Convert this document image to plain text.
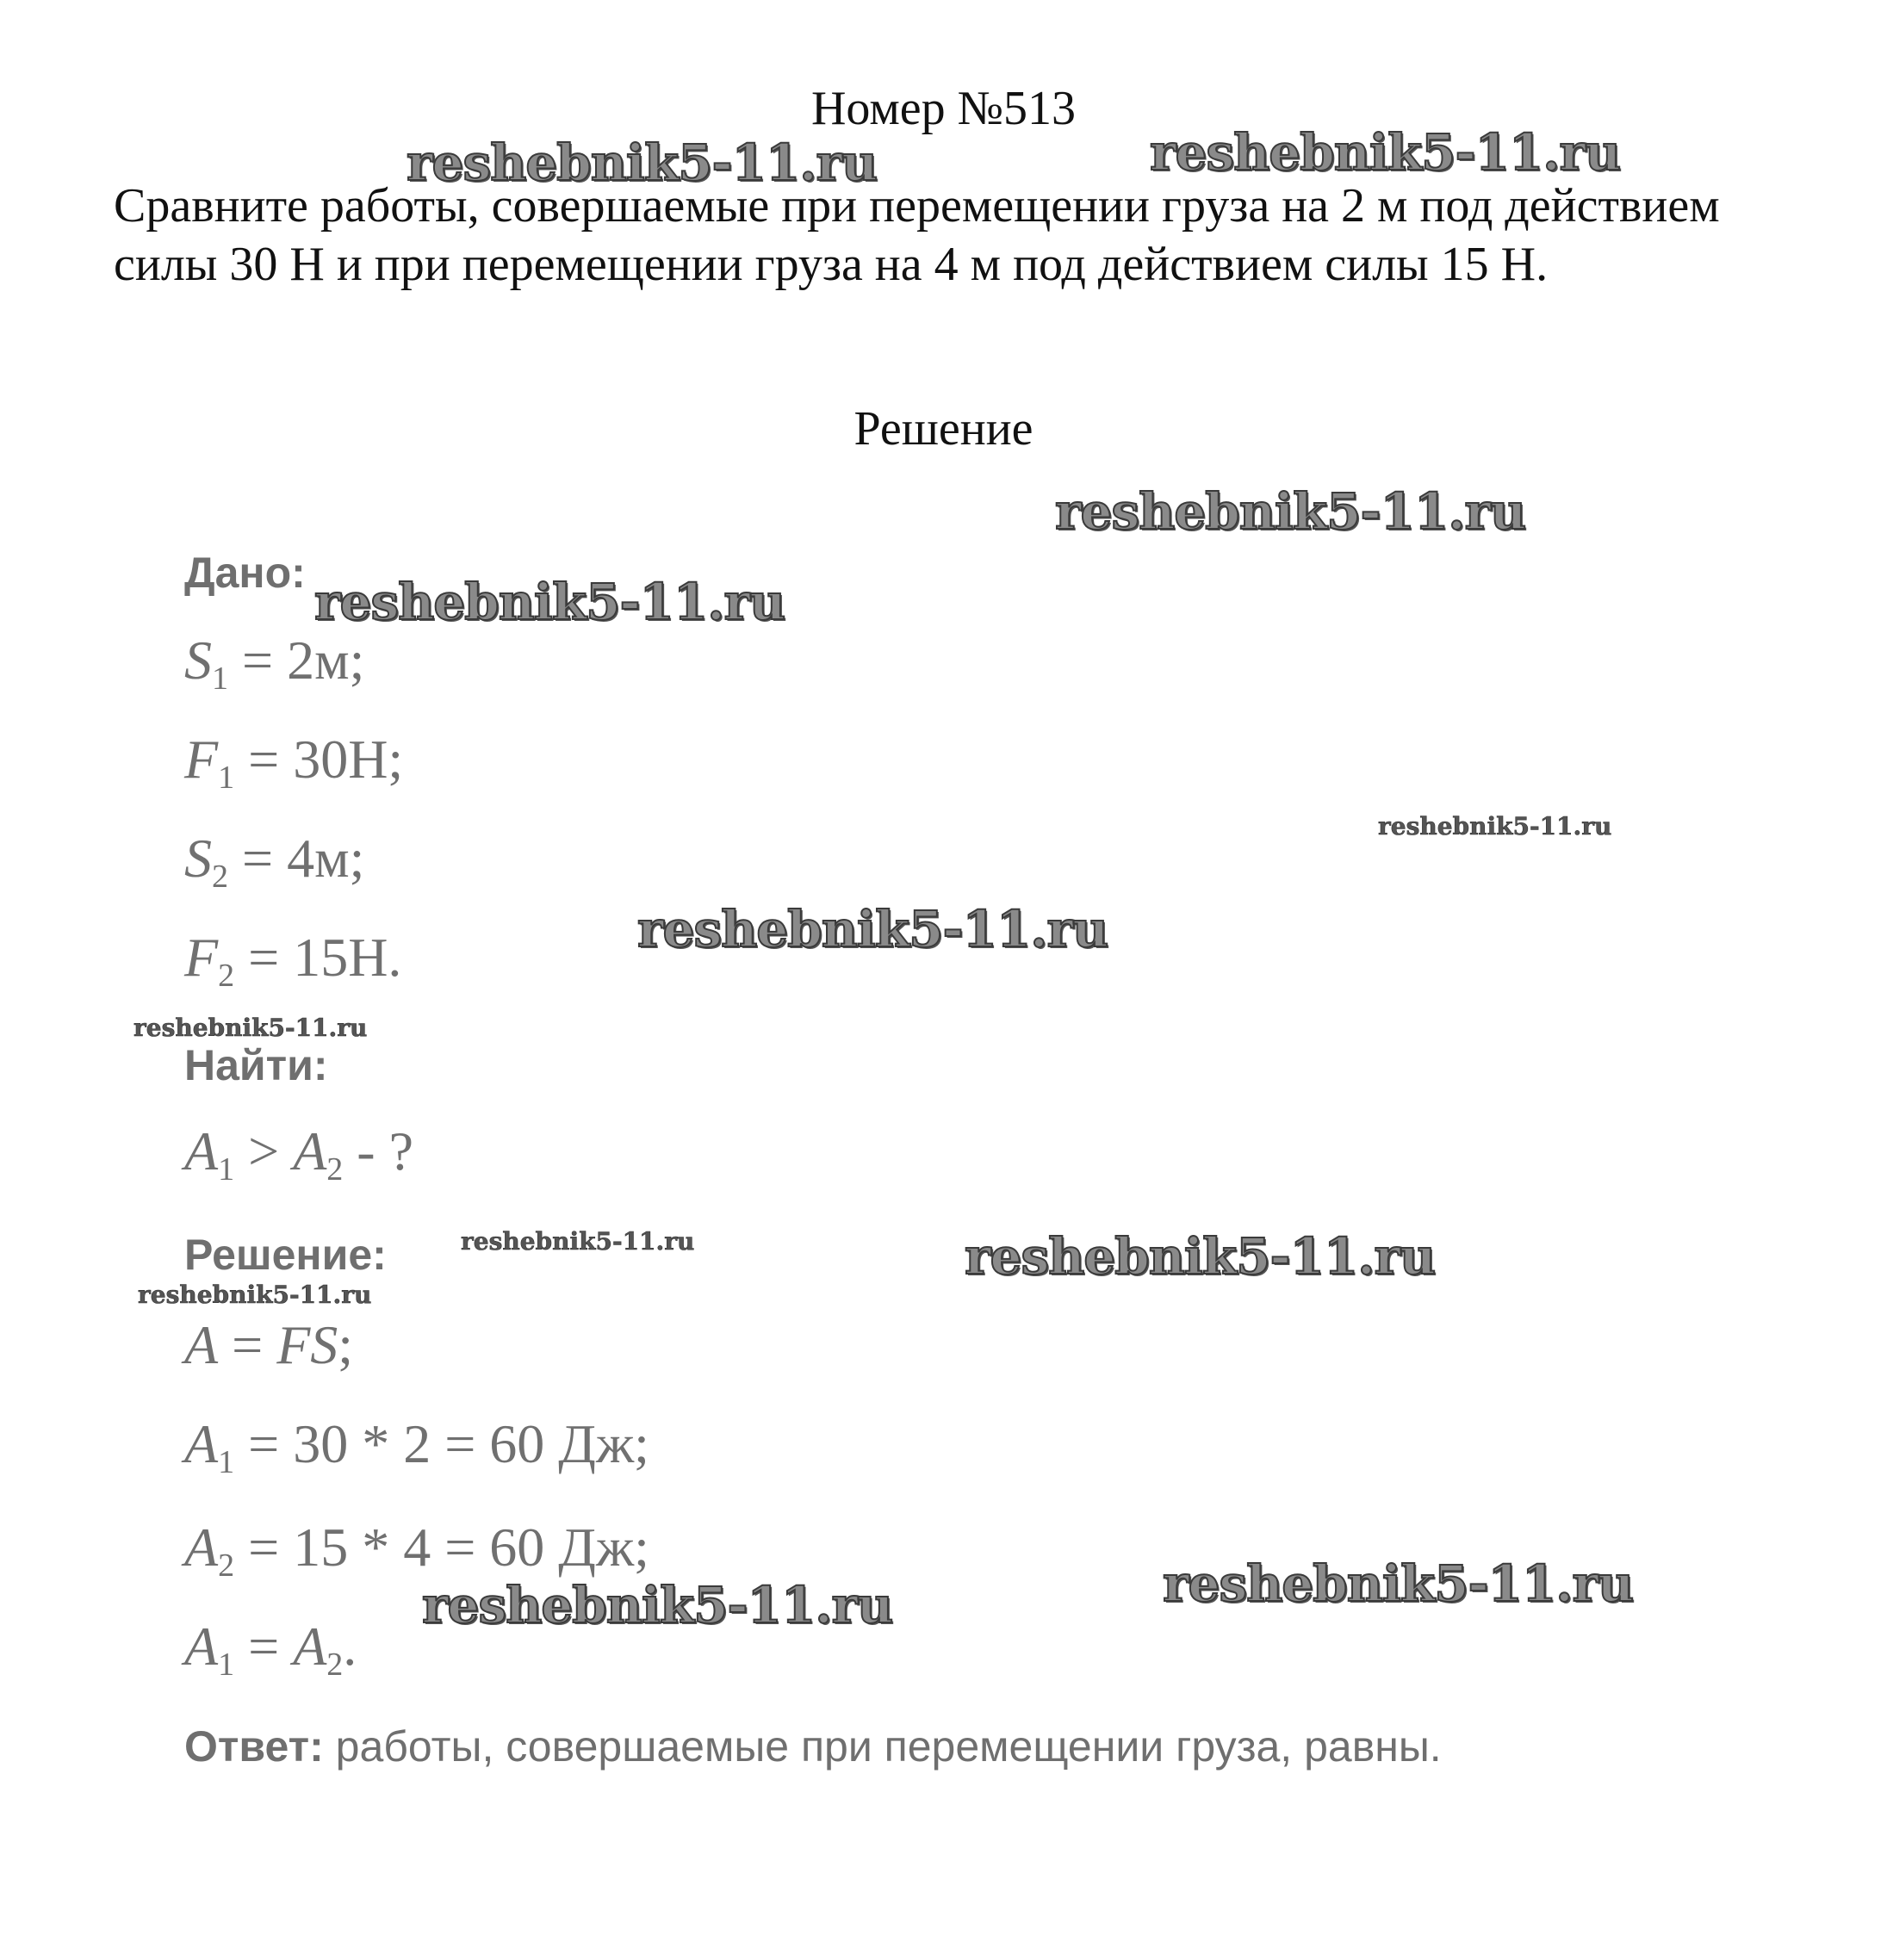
Номер №513
Сравните работы, совершаемые при перемещении груза на 2 м под действием силы 30 Н и при перемещении груза на 4 м под действием силы 15 Н.
Решение
Дано:
$S_1 = 2м$;
$F_1 = 30Н$;
$S_2 = 4м$;
$F_2 = 15Н$.
Найти:
$A_1 > A_2$ - ?
Решение:
A = FS;
$A_1 = 30 * 2 = 60$ Дж;
$A_2 = 15 * 4 = 60$ Дж;
$A_1 = A_2$.
Ответ: работы, совершаемые при перемещении груза, равны.
reshebnik5-11.ru	reshebnik5-11.ru
reshebnik5-11.ru
reshebnik5-11.ru
reshebnik5-11.ru
reshebnik5-11.ru
reshebnik5-11.ru
reshebnik5-11.ru	reshebnik5-11.ru
reshebnik5-11.ru
reshebnik5-11.ru
reshebnik5-11.ru
